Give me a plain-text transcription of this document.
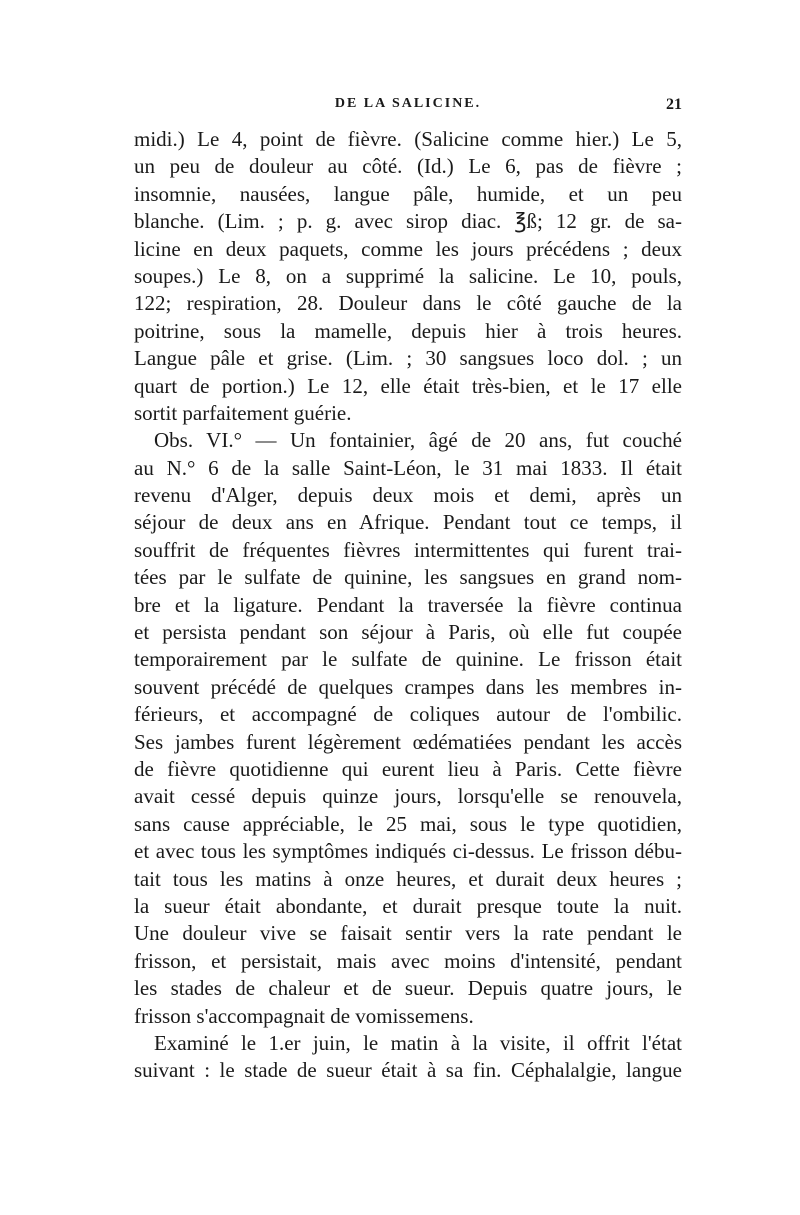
DE LA SALICINE.	21
midi.) Le 4, point de fièvre. (Salicine comme hier.) Le 5,
un peu de douleur au côté. (Id.) Le 6, pas de fièvre ;
insomnie, nausées, langue pâle, humide, et un peu
blanche. (Lim. ; p. g. avec sirop diac. ℥ß; 12 gr. de sa-
licine en deux paquets, comme les jours précédens ; deux
soupes.) Le 8, on a supprimé la salicine. Le 10, pouls,
122; respiration, 28. Douleur dans le côté gauche de la
poitrine, sous la mamelle, depuis hier à trois heures.
Langue pâle et grise. (Lim. ; 30 sangsues loco dol. ; un
quart de portion.) Le 12, elle était très-bien, et le 17 elle
sortit parfaitement guérie.
Obs. VI.° — Un fontainier, âgé de 20 ans, fut couché
au N.° 6 de la salle Saint-Léon, le 31 mai 1833. Il était
revenu d'Alger, depuis deux mois et demi, après un
séjour de deux ans en Afrique. Pendant tout ce temps, il
souffrit de fréquentes fièvres intermittentes qui furent trai-
tées par le sulfate de quinine, les sangsues en grand nom-
bre et la ligature. Pendant la traversée la fièvre continua
et persista pendant son séjour à Paris, où elle fut coupée
temporairement par le sulfate de quinine. Le frisson était
souvent précédé de quelques crampes dans les membres in-
férieurs, et accompagné de coliques autour de l'ombilic.
Ses jambes furent légèrement œdématiées pendant les accès
de fièvre quotidienne qui eurent lieu à Paris. Cette fièvre
avait cessé depuis quinze jours, lorsqu'elle se renouvela,
sans cause appréciable, le 25 mai, sous le type quotidien,
et avec tous les symptômes indiqués ci-dessus. Le frisson débu-
tait tous les matins à onze heures, et durait deux heures ;
la sueur était abondante, et durait presque toute la nuit.
Une douleur vive se faisait sentir vers la rate pendant le
frisson, et persistait, mais avec moins d'intensité, pendant
les stades de chaleur et de sueur. Depuis quatre jours, le
frisson s'accompagnait de vomissemens.
Examiné le 1.er juin, le matin à la visite, il offrit l'état
suivant : le stade de sueur était à sa fin. Céphalalgie, langue
